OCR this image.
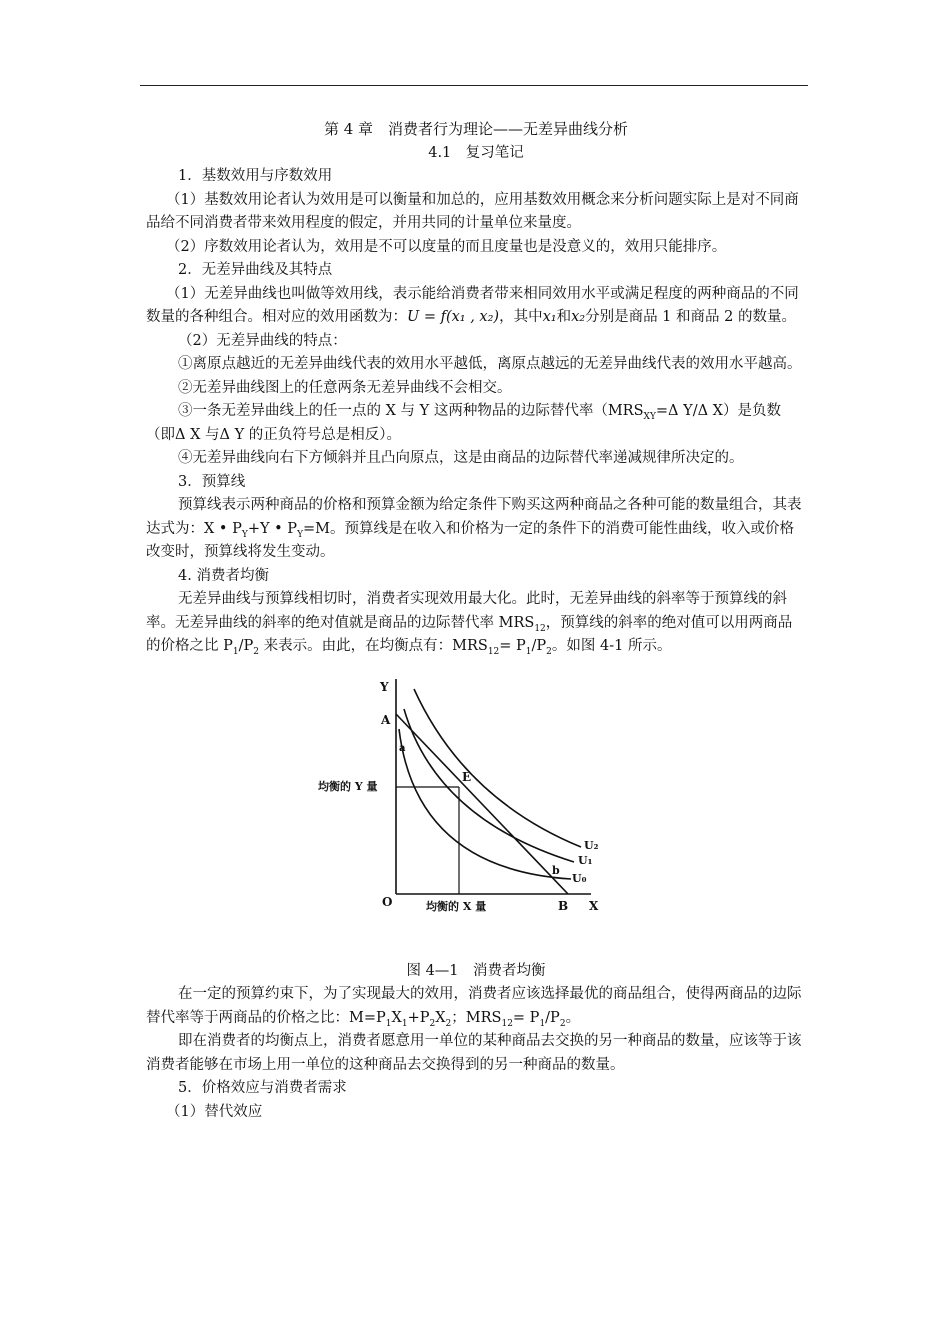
第 4 章　消费者行为理论——无差异曲线分析

4.1　复习笔记

1．基数效用与序数效用

（1）基数效用论者认为效用是可以衡量和加总的，应用基数效用概念来分析问题实际上是对不同商品给不同消费者带来效用程度的假定，并用共同的计量单位来量度。

（2）序数效用论者认为，效用是不可以度量的而且度量也是没意义的，效用只能排序。

2．无差异曲线及其特点

（1）无差异曲线也叫做等效用线，表示能给消费者带来相同效用水平或满足程度的两种商品的不同数量的各种组合。相对应的效用函数为：U = f(x₁ , x₂)，其中x₁和x₂分别是商品 1 和商品 2 的数量。

（2）无差异曲线的特点：

①离原点越近的无差异曲线代表的效用水平越低，离原点越远的无差异曲线代表的效用水平越高。

②无差异曲线图上的任意两条无差异曲线不会相交。

③一条无差异曲线上的任一点的 X 与 Y 这两种物品的边际替代率（$MRS_{XY}=\Delta$ Y/Δ X）是负数（即Δ X 与Δ Y 的正负符号总是相反）。

④无差异曲线向右下方倾斜并且凸向原点，这是由商品的边际替代率递减规律所决定的。

3．预算线

预算线表示两种商品的价格和预算金额为给定条件下购买这两种商品之各种可能的数量组合，其表达式为：X • $P_Y+Y$ • $P_Y=M$。预算线是在收入和价格为一定的条件下的消费可能性曲线，收入或价格改变时，预算线将发生变动。

4. 消费者均衡

无差异曲线与预算线相切时，消费者实现效用最大化。此时，无差异曲线的斜率等于预算线的斜率。无差异曲线的斜率的绝对值就是商品的边际替代率 $MRS_{12}$，预算线的斜率的绝对值可以用两商品的价格之比 $P_1/P_2$ 来表示。由此，在均衡点有：$MRS_{12}= P_1/P_2$。如图 4-1 所示。

Y
A
a
E
均衡的 Y 量
U₂
U₁
b
U₀
O	均衡的 X 量	B X

图 4—1　消费者均衡

在一定的预算约束下，为了实现最大的效用，消费者应该选择最优的商品组合，使得两商品的边际替代率等于两商品的价格之比：$M=P_1X_1+P_2X_2$；$MRS_{12}= P_1/P_2$。

即在消费者的均衡点上，消费者愿意用一单位的某种商品去交换的另一种商品的数量，应该等于该消费者能够在市场上用一单位的这种商品去交换得到的另一种商品的数量。

5．价格效应与消费者需求

（1）替代效应
